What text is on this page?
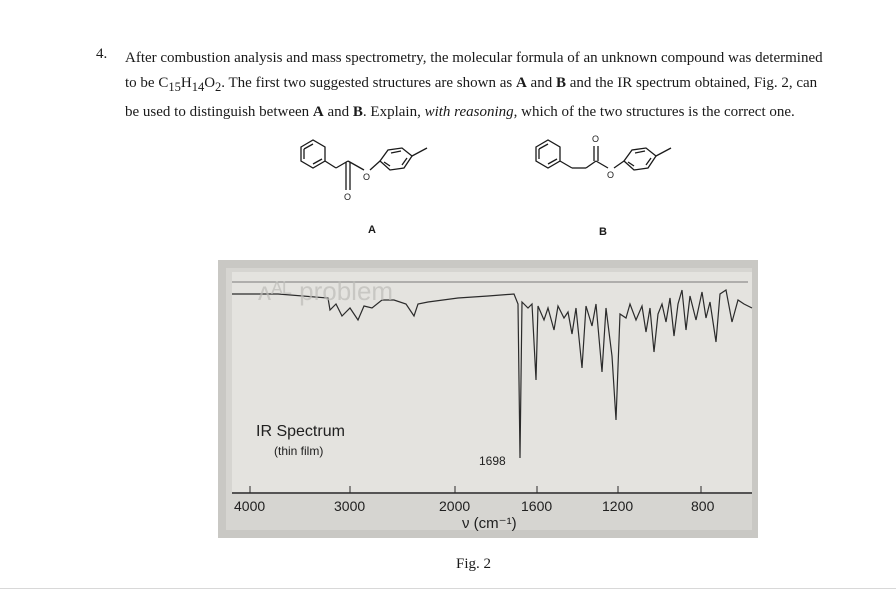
4. After combustion analysis and mass spectrometry, the molecular formula of an unknown compound was determined
to be $C_{15}H_{14}O_2$. The first two suggested structures are shown as A and B and the IR spectrum obtained, Fig. 2, can
be used to distinguish between A and B. Explain, with reasoning, which of the two structures is the correct one.
O
O
A
O
O
B
ᴧᴬᴸ problem
IR Spectrum
(thin film)
1698
4000	3000	2000	1600	1200	800
ν (cm⁻¹)
Fig. 2
